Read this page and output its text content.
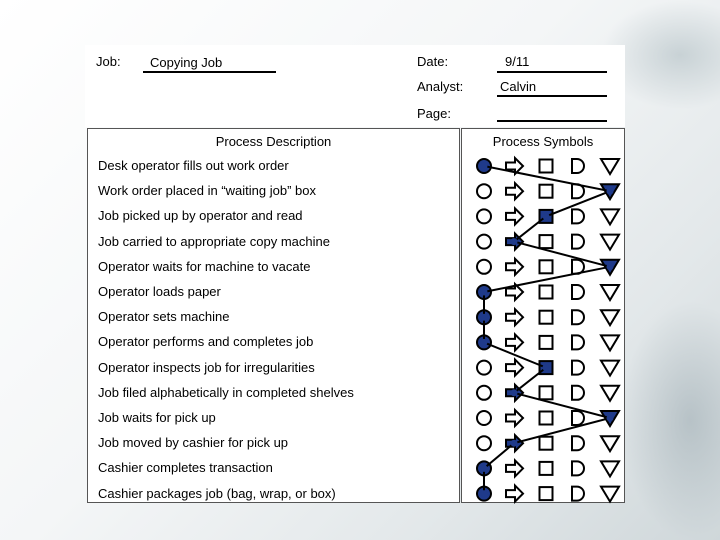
Job: Copying Job	Date:	9/11
Analyst:	Calvin
Page:
Process Description
Desk operator fills out work order
Work order placed in “waiting job” box
Job picked up by operator and read
Job carried to appropriate copy machine
Operator waits for machine to vacate
Operator loads paper
Operator sets machine
Operator performs and completes job
Operator inspects job for irregularities
Job filed alphabetically in completed shelves
Job waits for pick up
Job moved by cashier for pick up
Cashier completes transaction
Cashier packages job (bag, wrap, or box)
Process Symbols
